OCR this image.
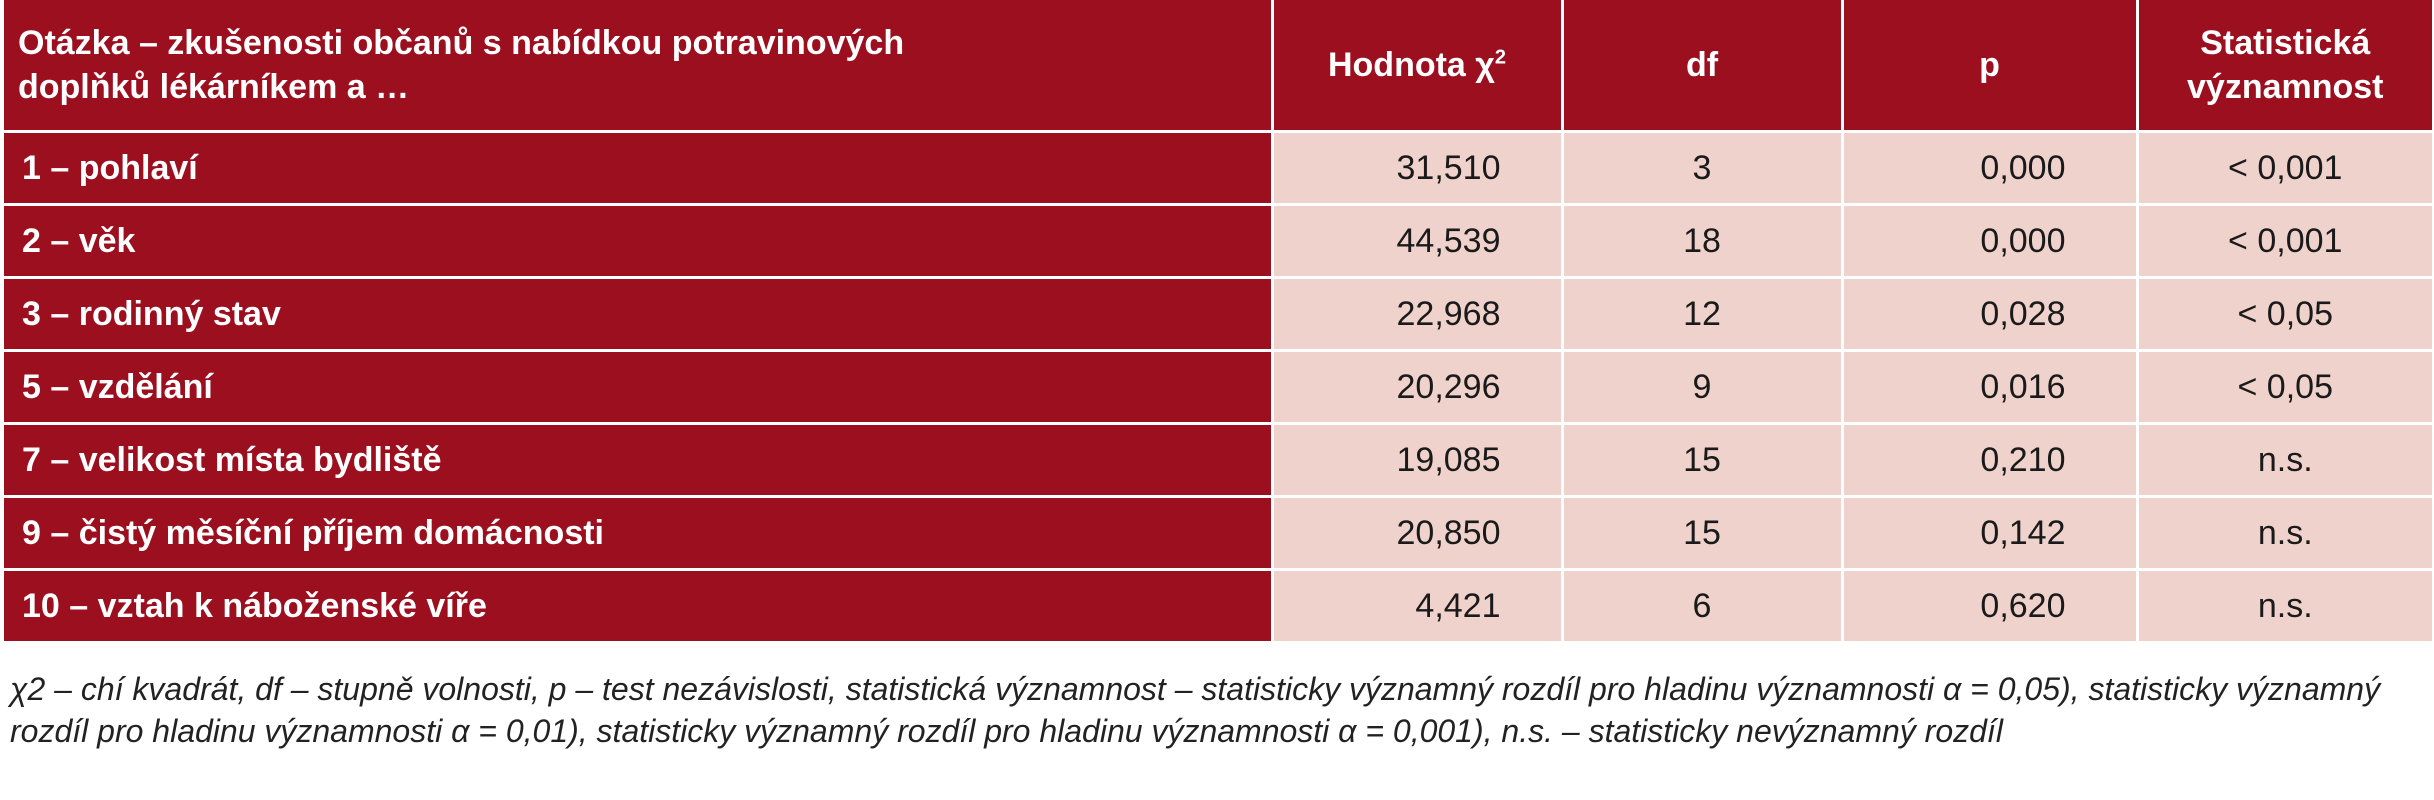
Otázka – zkušenosti občanů s nabídkou potravinových
doplňků lékárníkem a …	Hodnota $\chi^2$	df	p	Statistická
významnost
1 – pohlaví	31,510	3	0,000	< 0,001
2 – věk	44,539	18	0,000	< 0,001
3 – rodinný stav	22,968	12	0,028	< 0,05
5 – vzdělání	20,296	9	0,016	< 0,05
7 – velikost místa bydliště	19,085	15	0,210	n.s.
9 – čistý měsíční příjem domácnosti	20,850	15	0,142	n.s.
10 – vztah k náboženské víře	4,421	6	0,620	n.s.

χ2 – chí kvadrát, df – stupně volnosti, p – test nezávislosti, statistická významnost – statisticky významný rozdíl pro hladinu významnosti α = 0,05), statisticky významný rozdíl pro hladinu významnosti α = 0,01), statisticky významný rozdíl pro hladinu významnosti α = 0,001), n.s. – statisticky nevýznamný rozdíl
